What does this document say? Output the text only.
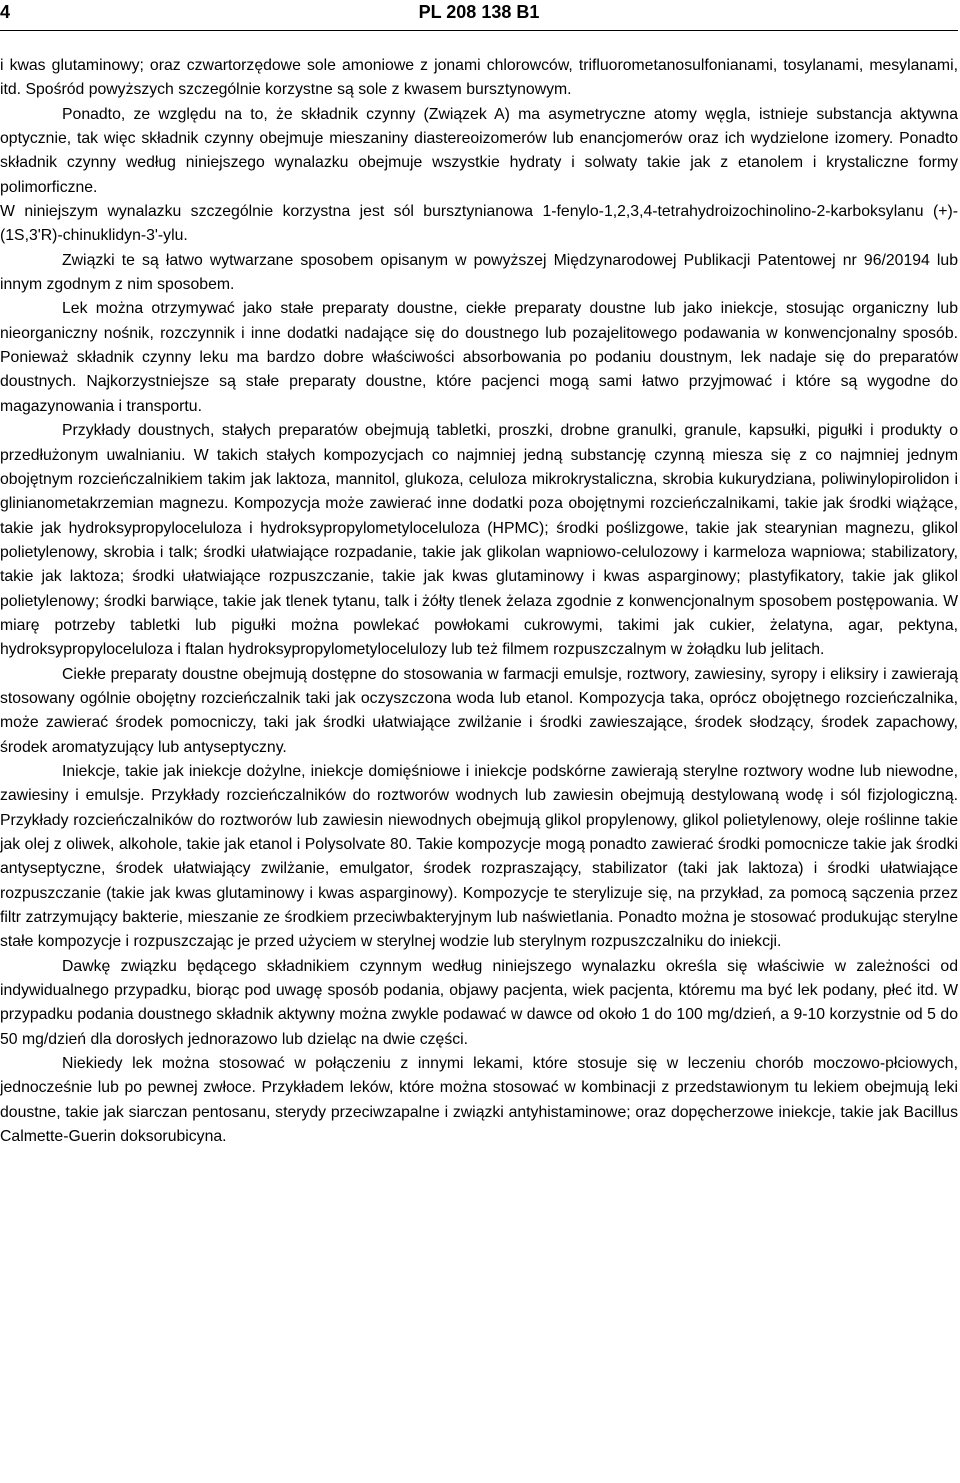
4	PL 208 138 B1

i kwas glutaminowy; oraz czwartorzędowe sole amoniowe z jonami chlorowców, trifluorometanosulfonianami, tosylanami, mesylanami, itd. Spośród powyższych szczególnie korzystne są sole z kwasem bursztynowym.

Ponadto, ze względu na to, że składnik czynny (Związek A) ma asymetryczne atomy węgla, istnieje substancja aktywna optycznie, tak więc składnik czynny obejmuje mieszaniny diastereoizomerów lub enancjomerów oraz ich wydzielone izomery. Ponadto składnik czynny według niniejszego wynalazku obejmuje wszystkie hydraty i solwaty takie jak z etanolem i krystaliczne formy polimorficzne.

W niniejszym wynalazku szczególnie korzystna jest sól bursztynianowa 1-fenylo-1,2,3,4-tetrahydroizochinolino-2-karboksylanu (+)-(1S,3'R)-chinuklidyn-3'-ylu.

Związki te są łatwo wytwarzane sposobem opisanym w powyższej Międzynarodowej Publikacji Patentowej nr 96/20194 lub innym zgodnym z nim sposobem.

Lek można otrzymywać jako stałe preparaty doustne, ciekłe preparaty doustne lub jako iniekcje, stosując organiczny lub nieorganiczny nośnik, rozczynnik i inne dodatki nadające się do doustnego lub pozajelitowego podawania w konwencjonalny sposób. Ponieważ składnik czynny leku ma bardzo dobre właściwości absorbowania po podaniu doustnym, lek nadaje się do preparatów doustnych. Najkorzystniejsze są stałe preparaty doustne, które pacjenci mogą sami łatwo przyjmować i które są wygodne do magazynowania i transportu.

Przykłady doustnych, stałych preparatów obejmują tabletki, proszki, drobne granulki, granule, kapsułki, pigułki i produkty o przedłużonym uwalnianiu. W takich stałych kompozycjach co najmniej jedną substancję czynną miesza się z co najmniej jednym obojętnym rozcieńczalnikiem takim jak laktoza, mannitol, glukoza, celuloza mikrokrystaliczna, skrobia kukurydziana, poliwinylopirolidon i glinianometakrzemian magnezu. Kompozycja może zawierać inne dodatki poza obojętnymi rozcieńczalnikami, takie jak środki wiążące, takie jak hydroksypropyloceluloza i hydroksypropylometyloceluloza (HPMC); środki poślizgowe, takie jak stearynian magnezu, glikol polietylenowy, skrobia i talk; środki ułatwiające rozpadanie, takie jak glikolan wapniowo-celulozowy i karmeloza wapniowa; stabilizatory, takie jak laktoza; środki ułatwiające rozpuszczanie, takie jak kwas glutaminowy i kwas asparginowy; plastyfikatory, takie jak glikol polietylenowy; środki barwiące, takie jak tlenek tytanu, talk i żółty tlenek żelaza zgodnie z konwencjonalnym sposobem postępowania. W miarę potrzeby tabletki lub pigułki można powlekać powłokami cukrowymi, takimi jak cukier, żelatyna, agar, pektyna, hydroksypropyloceluloza i ftalan hydroksypropylometylocelulozy lub też filmem rozpuszczalnym w żołądku lub jelitach.

Ciekłe preparaty doustne obejmują dostępne do stosowania w farmacji emulsje, roztwory, zawiesiny, syropy i eliksiry i zawierają stosowany ogólnie obojętny rozcieńczalnik taki jak oczyszczona woda lub etanol. Kompozycja taka, oprócz obojętnego rozcieńczalnika, może zawierać środek pomocniczy, taki jak środki ułatwiające zwilżanie i środki zawieszające, środek słodzący, środek zapachowy, środek aromatyzujący lub antyseptyczny.

Iniekcje, takie jak iniekcje dożylne, iniekcje domięśniowe i iniekcje podskórne zawierają sterylne roztwory wodne lub niewodne, zawiesiny i emulsje. Przykłady rozcieńczalników do roztworów wodnych lub zawiesin obejmują destylowaną wodę i sól fizjologiczną. Przykłady rozcieńczalników do roztworów lub zawiesin niewodnych obejmują glikol propylenowy, glikol polietylenowy, oleje roślinne takie jak olej z oliwek, alkohole, takie jak etanol i Polysolvate 80. Takie kompozycje mogą ponadto zawierać środki pomocnicze takie jak środki antyseptyczne, środek ułatwiający zwilżanie, emulgator, środek rozpraszający, stabilizator (taki jak laktoza) i środki ułatwiające rozpuszczanie (takie jak kwas glutaminowy i kwas asparginowy). Kompozycje te sterylizuje się, na przykład, za pomocą sączenia przez filtr zatrzymujący bakterie, mieszanie ze środkiem przeciwbakteryjnym lub naświetlania. Ponadto można je stosować produkując sterylne stałe kompozycje i rozpuszczając je przed użyciem w sterylnej wodzie lub sterylnym rozpuszczalniku do iniekcji.

Dawkę związku będącego składnikiem czynnym według niniejszego wynalazku określa się właściwie w zależności od indywidualnego przypadku, biorąc pod uwagę sposób podania, objawy pacjenta, wiek pacjenta, któremu ma być lek podany, płeć itd. W przypadku podania doustnego składnik aktywny można zwykle podawać w dawce od około 1 do 100 mg/dzień, a 9-10 korzystnie od 5 do 50 mg/dzień dla dorosłych jednorazowo lub dzieląc na dwie części.

Niekiedy lek można stosować w połączeniu z innymi lekami, które stosuje się w leczeniu chorób moczowo-płciowych, jednocześnie lub po pewnej zwłoce. Przykładem leków, które można stosować w kombinacji z przedstawionym tu lekiem obejmują leki doustne, takie jak siarczan pentosanu, sterydy przeciwzapalne i związki antyhistaminowe; oraz dopęcherzowe iniekcje, takie jak Bacillus Calmette-Guerin doksorubicyna.
